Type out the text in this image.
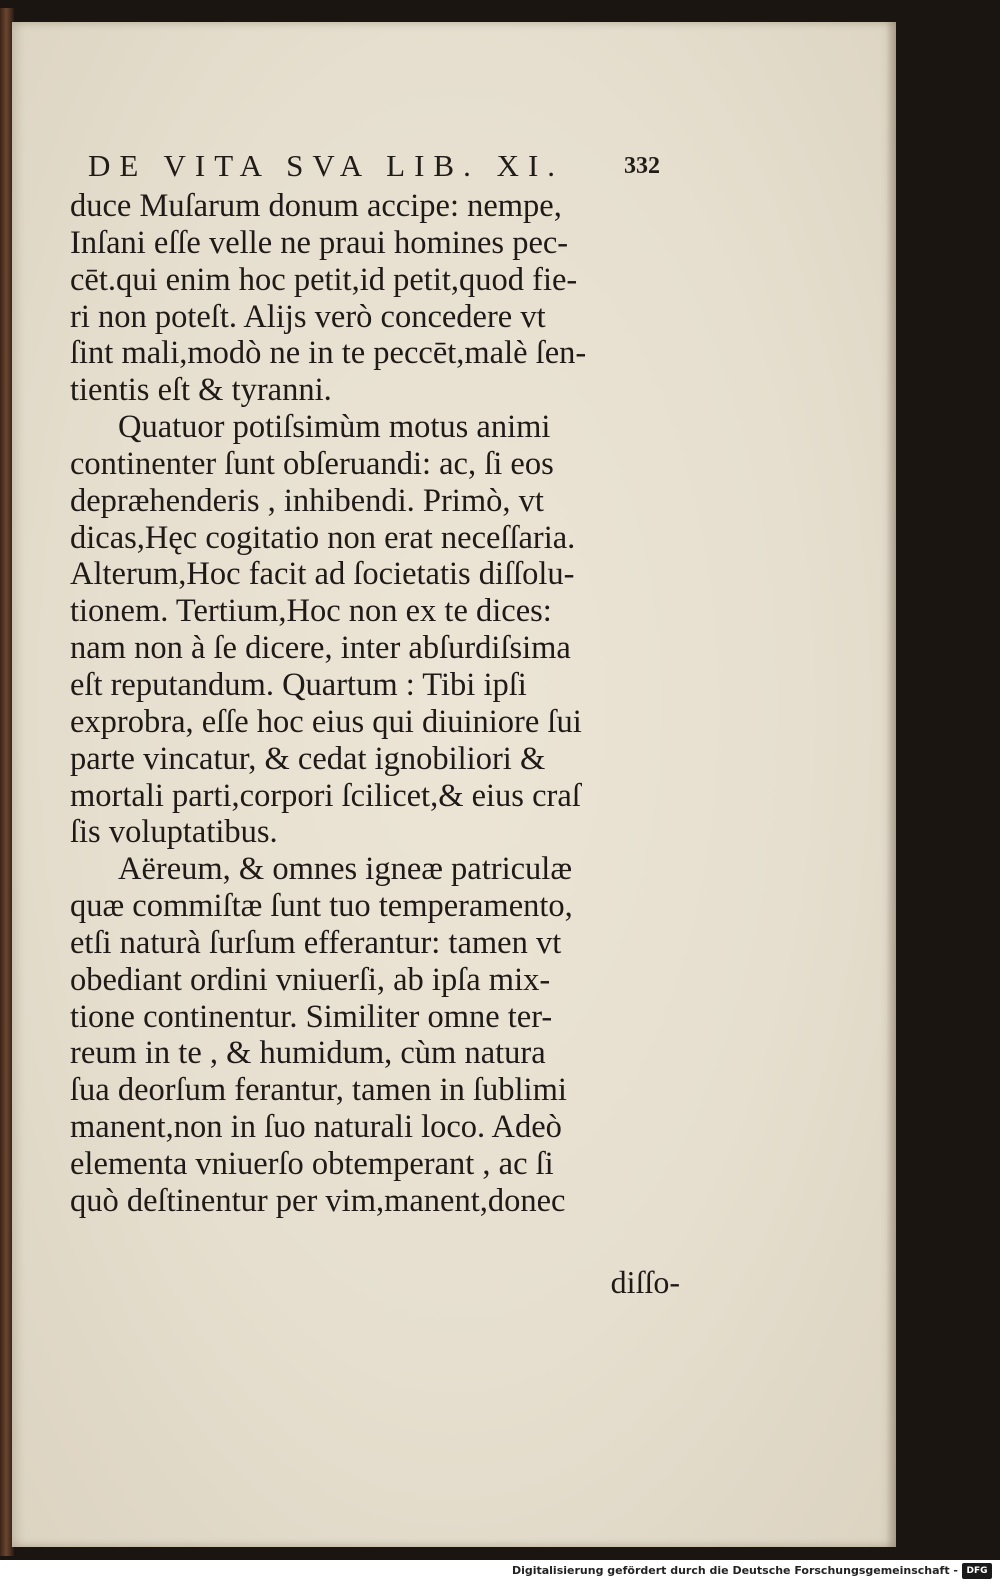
DE VITA SVA LIB. XI. 332
duce Muſarum donum accipe: nempe,
Inſani eſſe velle ne praui homines pec-
cēt.qui enim hoc petit,id petit,quod fie-
ri non poteſt. Alijs verò concedere vt
ſint mali,modò ne in te peccēt,malè ſen-
tientis eſt & tyranni.
Quatuor potiſsimùm motus animi
continenter ſunt obſeruandi: ac, ſi eos
depræhenderis , inhibendi. Primò, vt
dicas,Hęc cogitatio non erat neceſſaria.
Alterum,Hoc facit ad ſocietatis diſſolu-
tionem. Tertium,Hoc non ex te dices:
nam non à ſe dicere, inter abſurdiſsima
eſt reputandum. Quartum : Tibi ipſi
exprobra, eſſe hoc eius qui diuiniore ſui
parte vincatur, & cedat ignobiliori &
mortali parti,corpori ſcilicet,& eius craſ
ſis voluptatibus.
Aëreum, & omnes igneæ patriculæ
quæ commiſtæ ſunt tuo temperamento,
etſi naturà ſurſum efferantur: tamen vt
obediant ordini vniuerſi, ab ipſa mix-
tione continentur. Similiter omne ter-
reum in te , & humidum, cùm natura
ſua deorſum ferantur, tamen in ſublimi
manent,non in ſuo naturali loco. Adeò
elementa vniuerſo obtemperant , ac ſi
quò deſtinentur per vim,manent,donec
diſſo-
Digitalisierung gefördert durch die Deutsche Forschungsgemeinschaft - DFG
